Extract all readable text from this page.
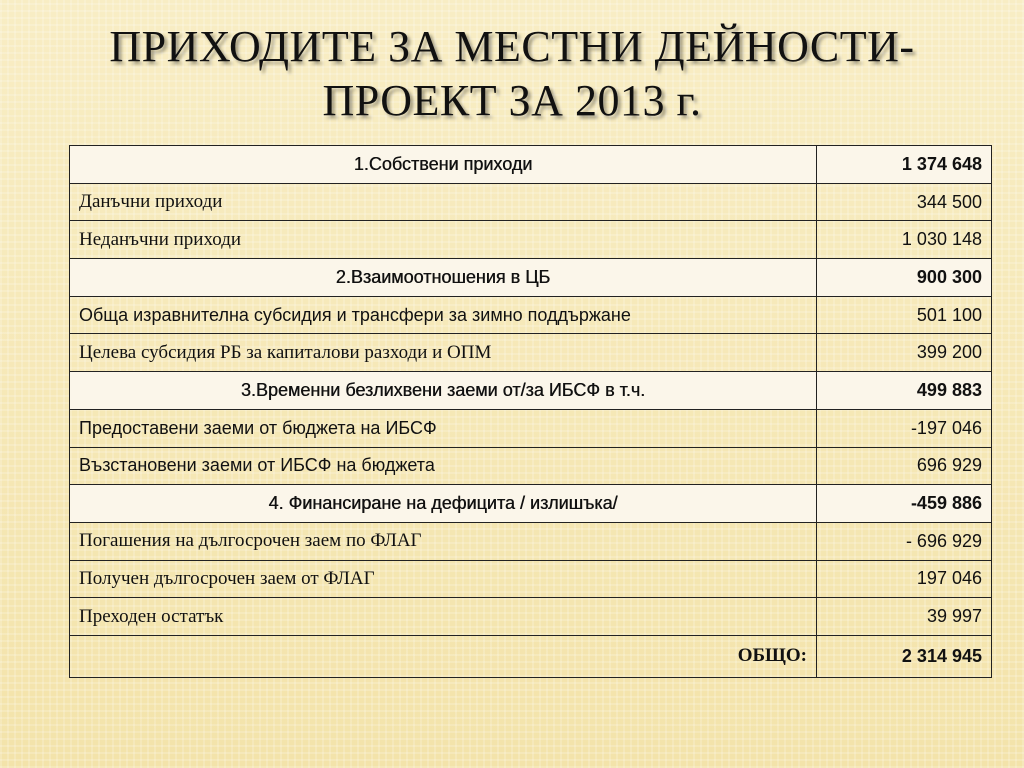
ПРИХОДИТЕ ЗА МЕСТНИ ДЕЙНОСТИ-
ПРОЕКТ ЗА 2013 г.
1.Собствени приходи	1 374 648
Данъчни приходи	344 500
Неданъчни приходи	1 030 148
2.Взаимоотношения в ЦБ	900 300
Обща изравнителна субсидия и трансфери за зимно поддържане	501 100
Целева субсидия РБ за капиталови разходи и ОПМ	399 200
3.Временни безлихвени заеми от/за ИБСФ в т.ч.	499 883
Предоставени заеми от бюджета на ИБСФ	-197 046
Възстановени заеми от ИБСФ на бюджета	696 929
4. Финансиране на дефицита / излишъка/	-459 886
Погашения на дългосрочен заем по ФЛАГ	- 696 929
Получен дългосрочен заем от ФЛАГ	197 046
Преходен остатък	39 997
ОБЩО:	2 314 945
